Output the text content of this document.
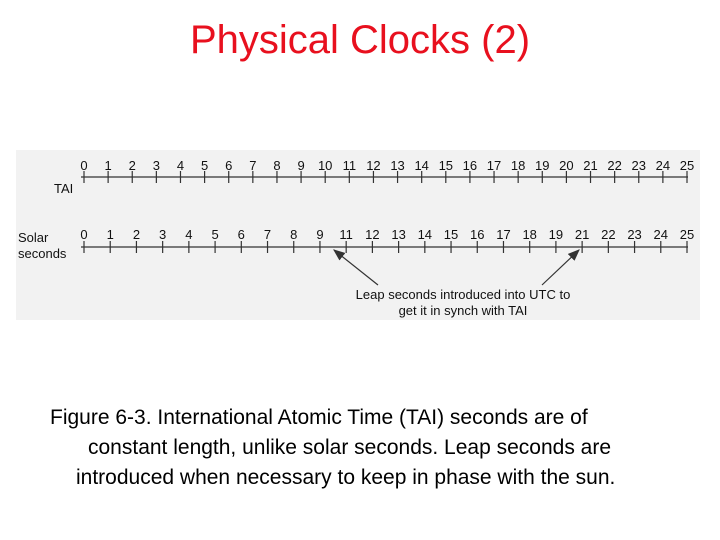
Physical Clocks (2)
TAI
0 1 2 3 4 5 6 7 8 9 10 11 12 13 14 15 16 17 18 19 20 21 22 23 24 25
Solar
seconds
0 1 2 3 4 5 6 7 8 9 11 12 13 14 15 16 17 18 19 21 22 23 24 25
Leap seconds introduced into UTC to
get it in synch with TAI
Figure 6-3. International Atomic Time (TAI) seconds are of
constant length, unlike solar seconds. Leap seconds are
introduced when necessary to keep in phase with the sun.
